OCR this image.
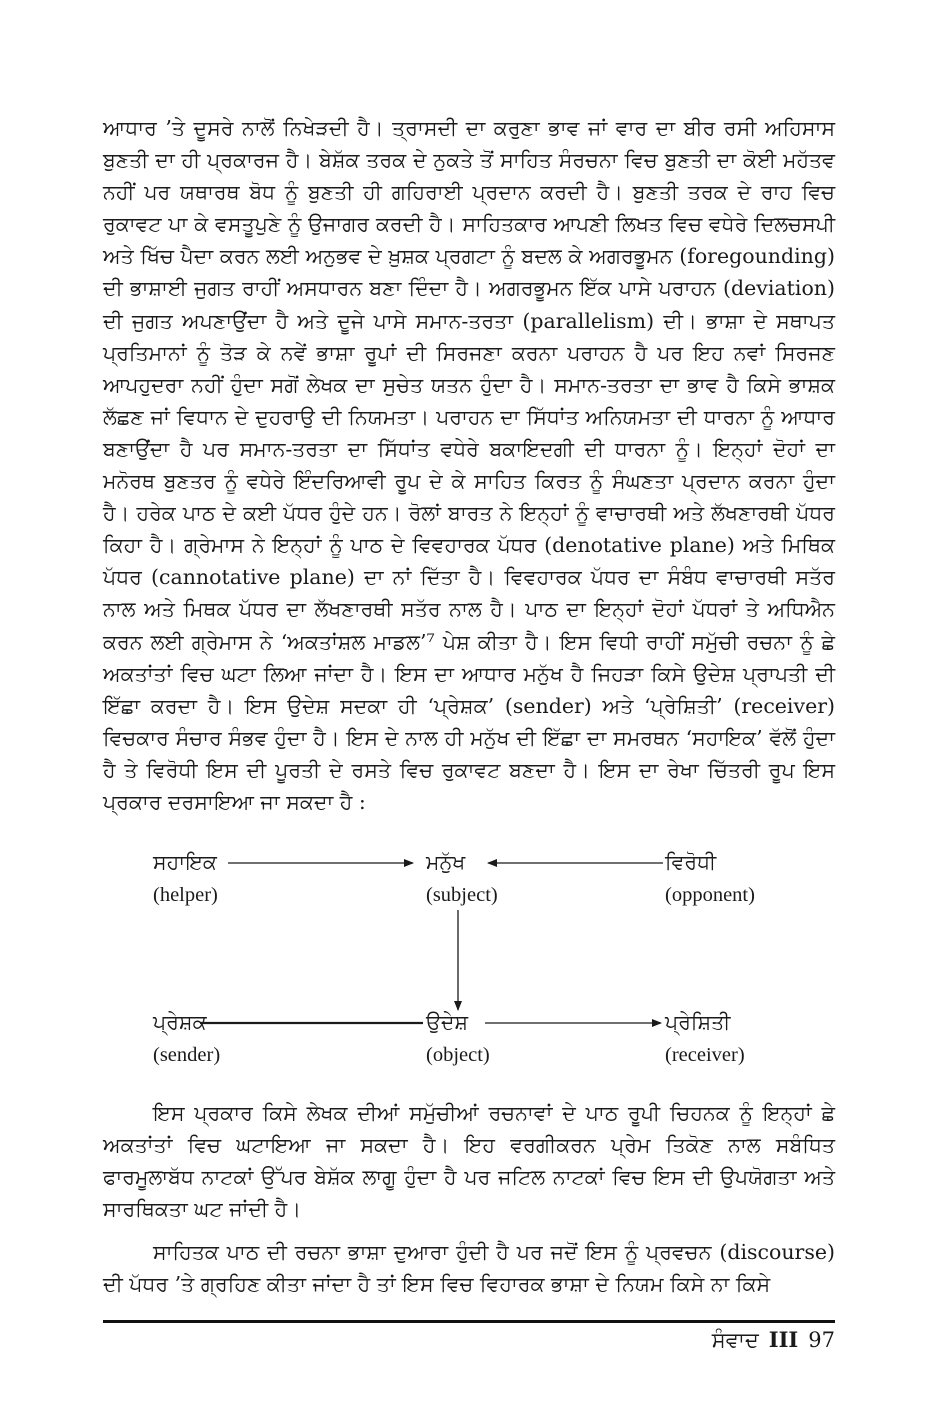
ਆਧਾਰ ’ਤੇ ਦੂਸਰੇ ਨਾਲੋਂ ਨਿਖੇੜਦੀ ਹੈ। ਤ੍ਰਾਸਦੀ ਦਾ ਕਰੁਣਾ ਭਾਵ ਜਾਂ ਵਾਰ ਦਾ ਬੀਰ ਰਸੀ ਅਹਿਸਾਸ ਬੁਣਤੀ ਦਾ ਹੀ ਪ੍ਰਕਾਰਜ ਹੈ। ਬੇਸ਼ੱਕ ਤਰਕ ਦੇ ਨੁਕਤੇ ਤੋਂ ਸਾਹਿਤ ਸੰਰਚਨਾ ਵਿਚ ਬੁਣਤੀ ਦਾ ਕੋਈ ਮਹੱਤਵ ਨਹੀਂ ਪਰ ਯਥਾਰਥ ਬੋਧ ਨੂੰ ਬੁਣਤੀ ਹੀ ਗਹਿਰਾਈ ਪ੍ਰਦਾਨ ਕਰਦੀ ਹੈ। ਬੁਣਤੀ ਤਰਕ ਦੇ ਰਾਹ ਵਿਚ ਰੁਕਾਵਟ ਪਾ ਕੇ ਵਸਤੂਪੁਣੇ ਨੂੰ ਉਜਾਗਰ ਕਰਦੀ ਹੈ। ਸਾਹਿਤਕਾਰ ਆਪਣੀ ਲਿਖਤ ਵਿਚ ਵਧੇਰੇ ਦਿਲਚਸਪੀ ਅਤੇ ਖਿੱਚ ਪੈਦਾ ਕਰਨ ਲਈ ਅਨੁਭਵ ਦੇ ਖ਼ੁਸ਼ਕ ਪ੍ਰਗਟਾ ਨੂੰ ਬਦਲ ਕੇ ਅਗਰਭੂਮਨ (foregounding) ਦੀ ਭਾਸ਼ਾਈ ਜੁਗਤ ਰਾਹੀਂ ਅਸਧਾਰਨ ਬਣਾ ਦਿੰਦਾ ਹੈ। ਅਗਰਭੂਮਨ ਇੱਕ ਪਾਸੇ ਪਰਾਹਨ (deviation) ਦੀ ਜੁਗਤ ਅਪਣਾਉਂਦਾ ਹੈ ਅਤੇ ਦੂਜੇ ਪਾਸੇ ਸਮਾਨ-ਤਰਤਾ (parallelism) ਦੀ। ਭਾਸ਼ਾ ਦੇ ਸਥਾਪਤ ਪ੍ਰਤਿਮਾਨਾਂ ਨੂੰ ਤੋੜ ਕੇ ਨਵੇਂ ਭਾਸ਼ਾ ਰੂਪਾਂ ਦੀ ਸਿਰਜਣਾ ਕਰਨਾ ਪਰਾਹਨ ਹੈ ਪਰ ਇਹ ਨਵਾਂ ਸਿਰਜਣ ਆਪਹੁਦਰਾ ਨਹੀਂ ਹੁੰਦਾ ਸਗੋਂ ਲੇਖਕ ਦਾ ਸੁਚੇਤ ਯਤਨ ਹੁੰਦਾ ਹੈ। ਸਮਾਨ-ਤਰਤਾ ਦਾ ਭਾਵ ਹੈ ਕਿਸੇ ਭਾਸ਼ਕ ਲੱਛਣ ਜਾਂ ਵਿਧਾਨ ਦੇ ਦੁਹਰਾਉ ਦੀ ਨਿਯਮਤਾ। ਪਰਾਹਨ ਦਾ ਸਿੱਧਾਂਤ ਅਨਿਯਮਤਾ ਦੀ ਧਾਰਨਾ ਨੂੰ ਆਧਾਰ ਬਣਾਉਂਦਾ ਹੈ ਪਰ ਸਮਾਨ-ਤਰਤਾ ਦਾ ਸਿੱਧਾਂਤ ਵਧੇਰੇ ਬਕਾਇਦਗੀ ਦੀ ਧਾਰਨਾ ਨੂੰ। ਇਨ੍ਹਾਂ ਦੋਹਾਂ ਦਾ ਮਨੋਰਥ ਬੁਣਤਰ ਨੂੰ ਵਧੇਰੇ ਇੰਦਰਿਆਵੀ ਰੂਪ ਦੇ ਕੇ ਸਾਹਿਤ ਕਿਰਤ ਨੂੰ ਸੰਘਣਤਾ ਪ੍ਰਦਾਨ ਕਰਨਾ ਹੁੰਦਾ ਹੈ। ਹਰੇਕ ਪਾਠ ਦੇ ਕਈ ਪੱਧਰ ਹੁੰਦੇ ਹਨ। ਰੋਲਾਂ ਬਾਰਤ ਨੇ ਇਨ੍ਹਾਂ ਨੂੰ ਵਾਚਾਰਥੀ ਅਤੇ ਲੱਖਣਾਰਥੀ ਪੱਧਰ ਕਿਹਾ ਹੈ। ਗ੍ਰੇਮਾਸ ਨੇ ਇਨ੍ਹਾਂ ਨੂੰ ਪਾਠ ਦੇ ਵਿਵਹਾਰਕ ਪੱਧਰ (denotative plane) ਅਤੇ ਮਿਥਿਕ ਪੱਧਰ (cannotative plane) ਦਾ ਨਾਂ ਦਿੱਤਾ ਹੈ। ਵਿਵਹਾਰਕ ਪੱਧਰ ਦਾ ਸੰਬੰਧ ਵਾਚਾਰਥੀ ਸਤੱਰ ਨਾਲ ਅਤੇ ਮਿਥਕ ਪੱਧਰ ਦਾ ਲੱਖਣਾਰਥੀ ਸਤੱਰ ਨਾਲ ਹੈ। ਪਾਠ ਦਾ ਇਨ੍ਹਾਂ ਦੋਹਾਂ ਪੱਧਰਾਂ ਤੇ ਅਧਿਐਨ ਕਰਨ ਲਈ ਗ੍ਰੇਮਾਸ ਨੇ ‘ਅਕਤਾਂਸ਼ਲ ਮਾਡਲ’⁷ ਪੇਸ਼ ਕੀਤਾ ਹੈ। ਇਸ ਵਿਧੀ ਰਾਹੀਂ ਸਮੁੱਚੀ ਰਚਨਾ ਨੂੰ ਛੇ ਅਕਤਾਂਤਾਂ ਵਿਚ ਘਟਾ ਲਿਆ ਜਾਂਦਾ ਹੈ। ਇਸ ਦਾ ਆਧਾਰ ਮਨੁੱਖ ਹੈ ਜਿਹੜਾ ਕਿਸੇ ਉਦੇਸ਼ ਪ੍ਰਾਪਤੀ ਦੀ ਇੱਛਾ ਕਰਦਾ ਹੈ। ਇਸ ਉਦੇਸ਼ ਸਦਕਾ ਹੀ ‘ਪ੍ਰੇਸ਼ਕ’ (sender) ਅਤੇ ‘ਪ੍ਰੇਸ਼ਿਤੀ’ (receiver) ਵਿਚਕਾਰ ਸੰਚਾਰ ਸੰਭਵ ਹੁੰਦਾ ਹੈ। ਇਸ ਦੇ ਨਾਲ ਹੀ ਮਨੁੱਖ ਦੀ ਇੱਛਾ ਦਾ ਸਮਰਥਨ ‘ਸਹਾਇਕ’ ਵੱਲੋਂ ਹੁੰਦਾ ਹੈ ਤੇ ਵਿਰੋਧੀ ਇਸ ਦੀ ਪੂਰਤੀ ਦੇ ਰਸਤੇ ਵਿਚ ਰੁਕਾਵਟ ਬਣਦਾ ਹੈ। ਇਸ ਦਾ ਰੇਖਾ ਚਿੱਤਰੀ ਰੂਪ ਇਸ ਪ੍ਰਕਾਰ ਦਰਸਾਇਆ ਜਾ ਸਕਦਾ ਹੈ :

ਸਹਾਇਕ
(helper)
ਮਨੁੱਖ
(subject)
ਵਿਰੋਧੀ
(opponent)
ਪ੍ਰੇਸ਼ਕ
(sender)
ਉਦੇਸ਼
(object)
ਪ੍ਰੇਸ਼ਿਤੀ
(receiver)

ਇਸ ਪ੍ਰਕਾਰ ਕਿਸੇ ਲੇਖਕ ਦੀਆਂ ਸਮੁੱਚੀਆਂ ਰਚਨਾਵਾਂ ਦੇ ਪਾਠ ਰੂਪੀ ਚਿਹਨਕ ਨੂੰ ਇਨ੍ਹਾਂ ਛੇ ਅਕਤਾਂਤਾਂ ਵਿਚ ਘਟਾਇਆ ਜਾ ਸਕਦਾ ਹੈ। ਇਹ ਵਰਗੀਕਰਨ ਪ੍ਰੇਮ ਤਿਕੋਣ ਨਾਲ ਸਬੰਧਿਤ ਫਾਰਮੂਲਾਬੱਧ ਨਾਟਕਾਂ ਉੱਪਰ ਬੇਸ਼ੱਕ ਲਾਗੂ ਹੁੰਦਾ ਹੈ ਪਰ ਜਟਿਲ ਨਾਟਕਾਂ ਵਿਚ ਇਸ ਦੀ ਉਪਯੋਗਤਾ ਅਤੇ ਸਾਰਥਿਕਤਾ ਘਟ ਜਾਂਦੀ ਹੈ।

ਸਾਹਿਤਕ ਪਾਠ ਦੀ ਰਚਨਾ ਭਾਸ਼ਾ ਦੁਆਰਾ ਹੁੰਦੀ ਹੈ ਪਰ ਜਦੋਂ ਇਸ ਨੂੰ ਪ੍ਰਵਚਨ (discourse) ਦੀ ਪੱਧਰ ’ਤੇ ਗ੍ਰਹਿਣ ਕੀਤਾ ਜਾਂਦਾ ਹੈ ਤਾਂ ਇਸ ਵਿਚ ਵਿਹਾਰਕ ਭਾਸ਼ਾ ਦੇ ਨਿਯਮ ਕਿਸੇ ਨਾ ਕਿਸੇ

ਸੰਵਾਦ III 97
